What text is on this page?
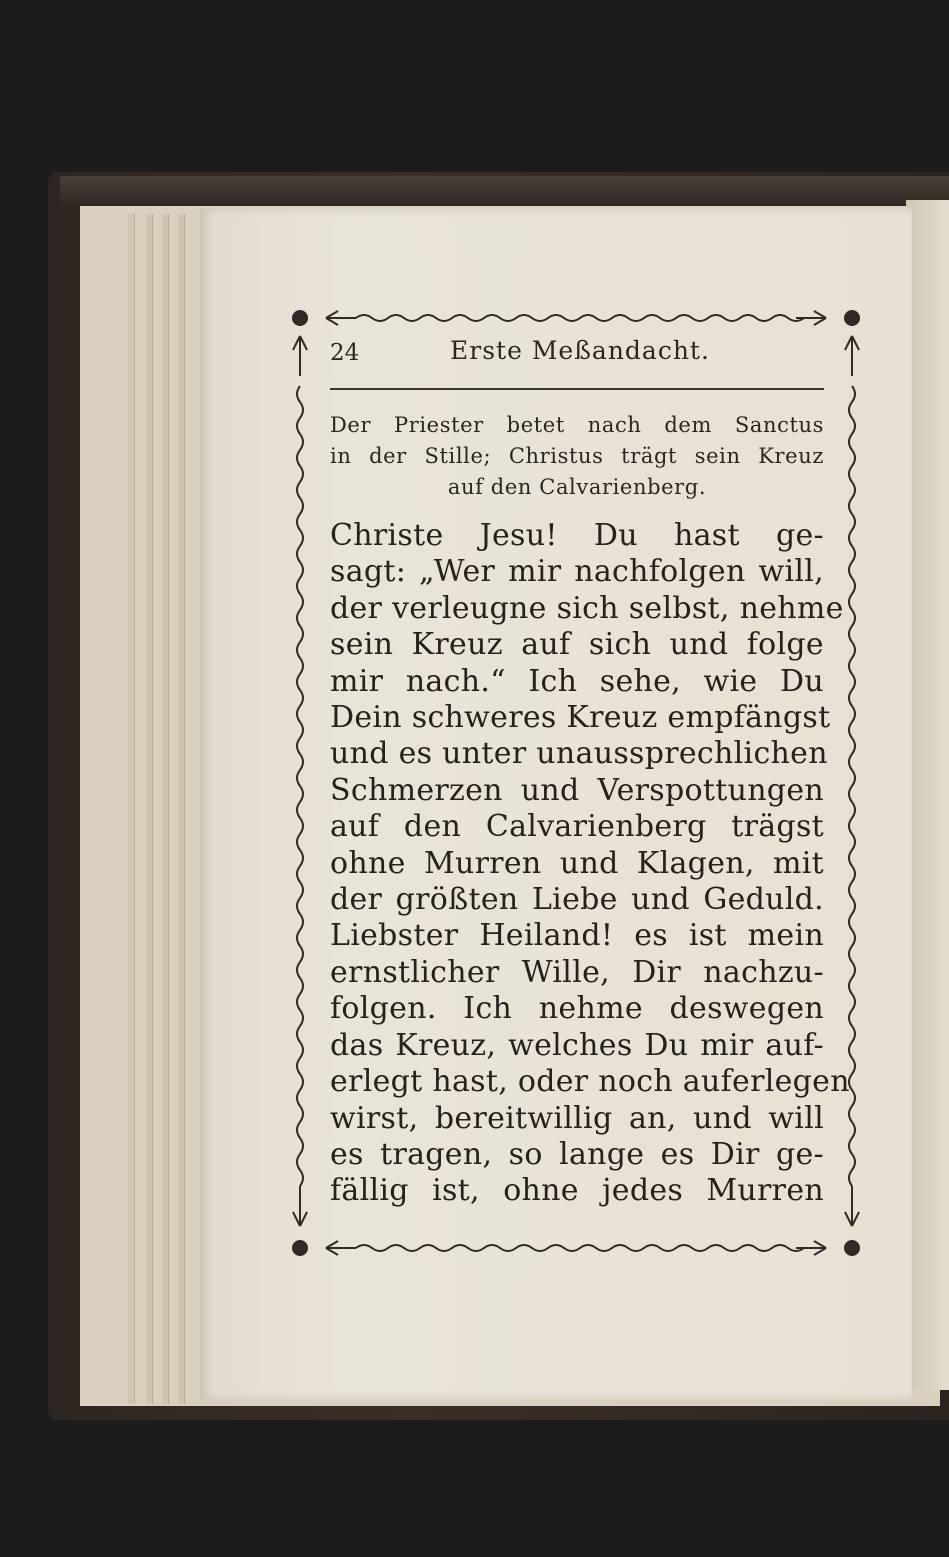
24	Erste Meßandacht.
Der Priester betet nach dem Sanctus
in der Stille; Christus trägt sein Kreuz
auf den Calvarienberg.
Christe Jesu! Du hast ge-
sagt: „Wer mir nachfolgen will,
der verleugne sich selbst, nehme
sein Kreuz auf sich und folge
mir nach.“ Ich sehe, wie Du
Dein schweres Kreuz empfängst
und es unter unaussprechlichen
Schmerzen und Verspottungen
auf den Calvarienberg trägst
ohne Murren und Klagen, mit
der größten Liebe und Geduld.
Liebster Heiland! es ist mein
ernstlicher Wille, Dir nachzu-
folgen. Ich nehme deswegen
das Kreuz, welches Du mir auf-
erlegt hast, oder noch auferlegen
wirst, bereitwillig an, und will
es tragen, so lange es Dir ge-
fällig ist, ohne jedes Murren
